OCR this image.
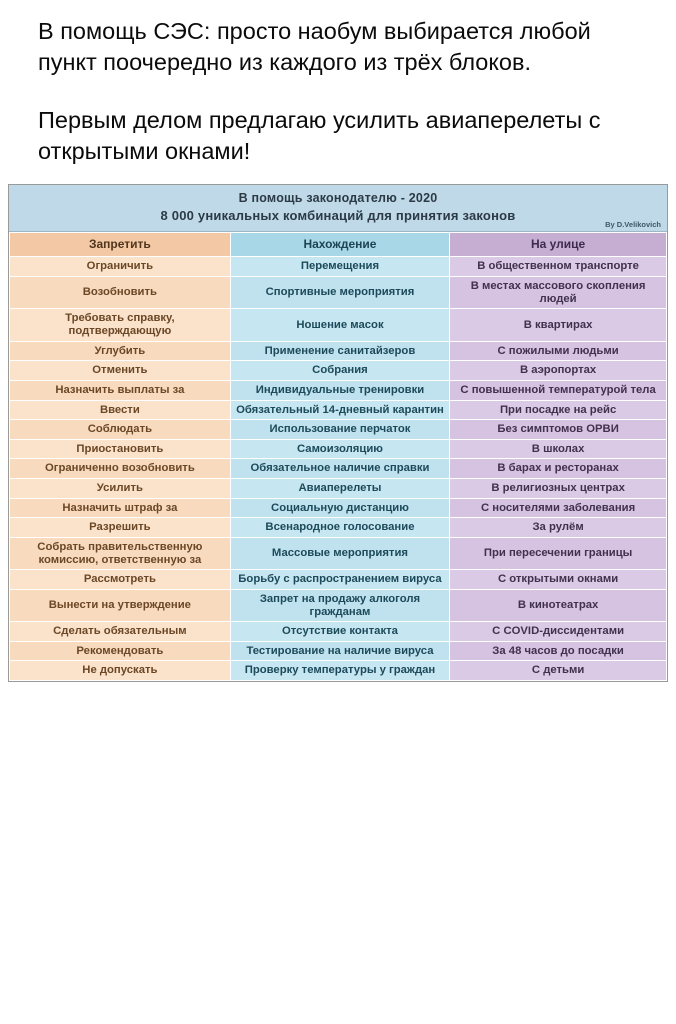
В помощь СЭС: просто наобум выбирается любой пункт поочередно из каждого из трёх блоков.

Первым делом предлагаю усилить авиаперелеты с открытыми окнами!

В помощь законодателю - 2020
8 000 уникальных комбинаций для принятия законов
By D.Velikovich
Запретить	Нахождение	На улице
Ограничить	Перемещения	В общественном транспорте
Возобновить	Спортивные мероприятия	В местах массового скопления людей
Требовать справку, подтверждающую	Ношение масок	В квартирах
Углубить	Применение санитайзеров	С пожилыми людьми
Отменить	Собрания	В аэропортах
Назначить выплаты за	Индивидуальные тренировки	С повышенной температурой тела
Ввести	Обязательный 14-дневный карантин	При посадке на рейс
Соблюдать	Использование перчаток	Без симптомов ОРВИ
Приостановить	Самоизоляцию	В школах
Ограниченно возобновить	Обязательное наличие справки	В барах и ресторанах
Усилить	Авиаперелеты	В религиозных центрах
Назначить штраф за	Социальную дистанцию	С носителями заболевания
Разрешить	Всенародное голосование	За рулём
Собрать правительственную комиссию, ответственную за	Массовые мероприятия	При пересечении границы
Рассмотреть	Борьбу с распространением вируса	С открытыми окнами
Вынести на утверждение	Запрет на продажу алкоголя гражданам	В кинотеатрах
Сделать обязательным	Отсутствие контакта	С COVID-диссидентами
Рекомендовать	Тестирование на наличие вируса	За 48 часов до посадки
Не допускать	Проверку температуры у граждан	С детьми
